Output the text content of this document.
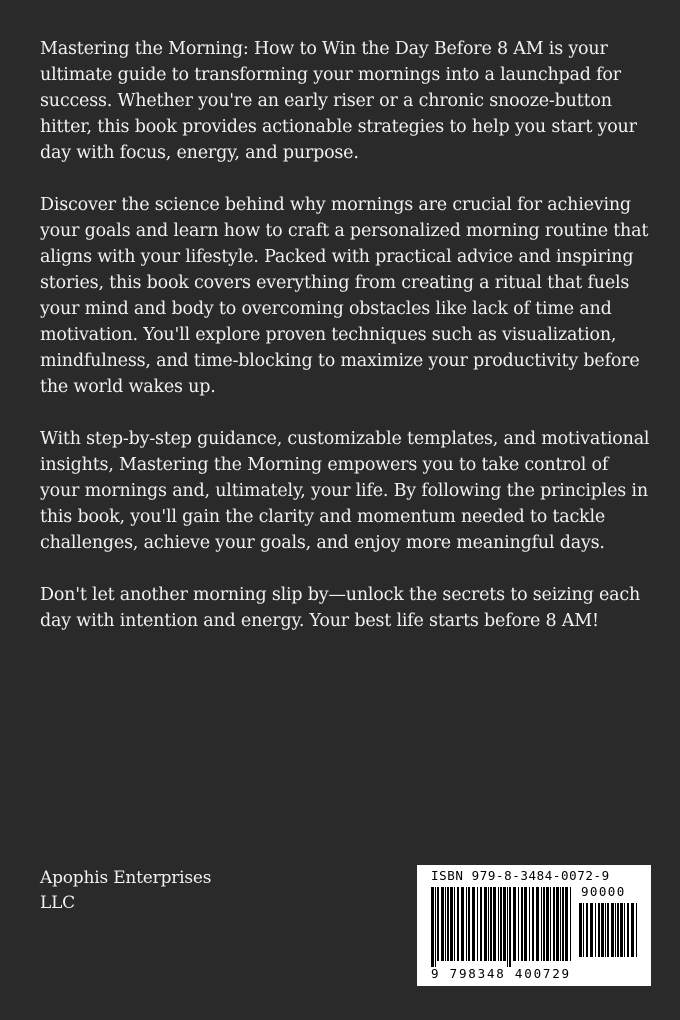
Mastering the Morning: How to Win the Day Before 8 AM is your ultimate guide to transforming your mornings into a launchpad for success. Whether you're an early riser or a chronic snooze-button hitter, this book provides actionable strategies to help you start your day with focus, energy, and purpose.

Discover the science behind why mornings are crucial for achieving your goals and learn how to craft a personalized morning routine that aligns with your lifestyle. Packed with practical advice and inspiring stories, this book covers everything from creating a ritual that fuels your mind and body to overcoming obstacles like lack of time and motivation. You'll explore proven techniques such as visualization, mindfulness, and time-blocking to maximize your productivity before the world wakes up.

With step-by-step guidance, customizable templates, and motivational insights, Mastering the Morning empowers you to take control of your mornings and, ultimately, your life. By following the principles in this book, you'll gain the clarity and momentum needed to tackle challenges, achieve your goals, and enjoy more meaningful days.

Don't let another morning slip by—unlock the secrets to seizing each day with intention and energy. Your best life starts before 8 AM!

Apophis Enterprises
LLC
ISBN 979-8-3484-0072-9
90000
9 798348 400729
